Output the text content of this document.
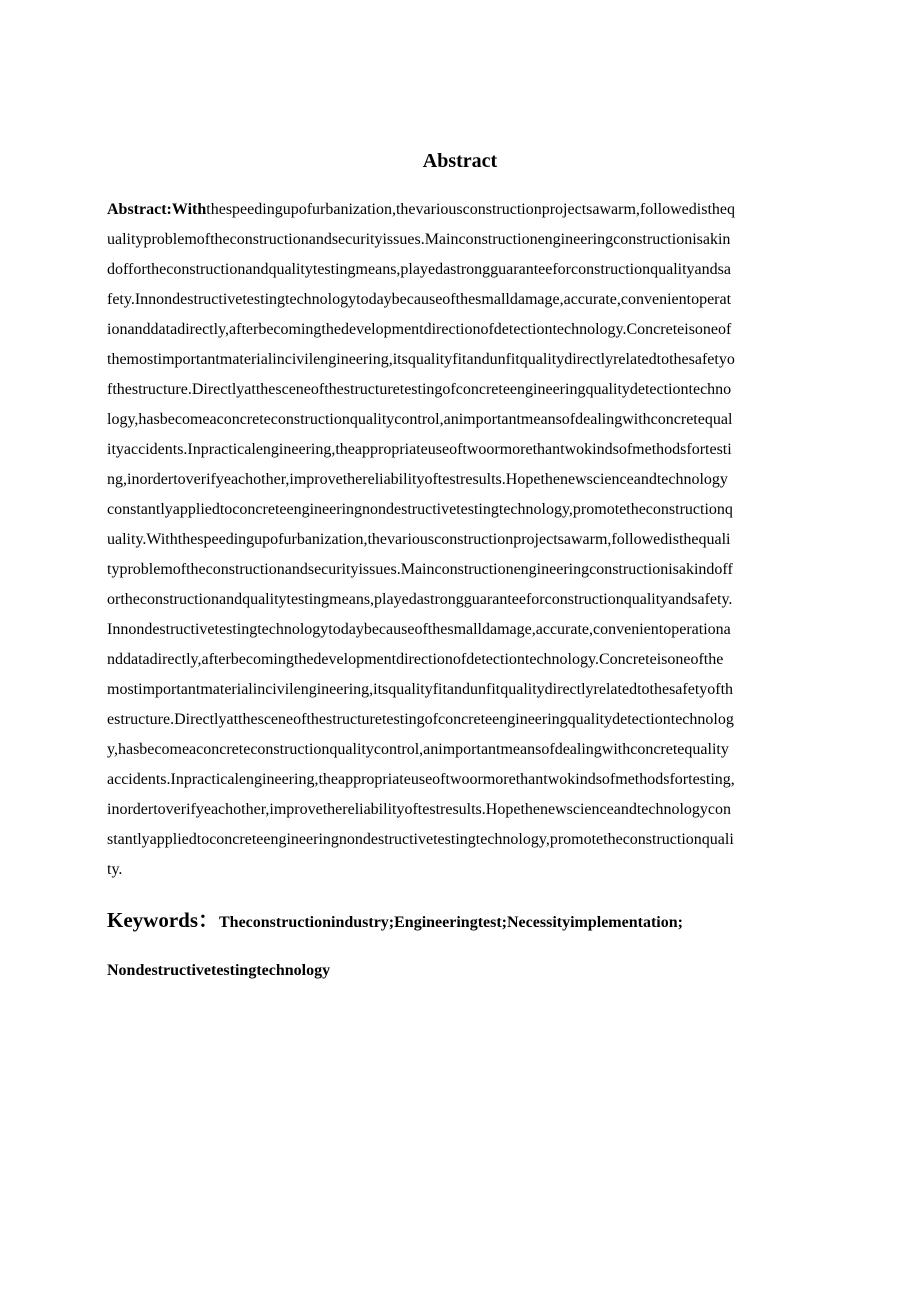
Abstract
Abstract:Withthespeedingupofurbanization,thevariousconstructionprojectsawarm,followedistheq
ualityproblemoftheconstructionandsecurityissues.Mainconstructionengineeringconstructionisakin
doffortheconstructionandqualitytestingmeans,playedastrongguaranteeforconstructionqualityandsa
fety.Innondestructivetestingtechnologytodaybecauseofthesmalldamage,accurate,convenientoperat
ionanddatadirectly,afterbecomingthedevelopmentdirectionofdetectiontechnology.Concreteisoneof
themostimportantmaterialincivilengineering,itsqualityfitandunfitqualitydirectlyrelatedtothesafetyo
fthestructure.Directlyatthesceneofthestructuretestingofconcreteengineeringqualitydetectiontechno
logy,hasbecomeaconcreteconstructionqualitycontrol,animportantmeansofdealingwithconcretequal
ityaccidents.Inpracticalengineering,theappropriateuseoftwoormorethantwokindsofmethodsfortesti
ng,inordertoverifyeachother,improvethereliabilityoftestresults.Hopethenewscienceandtechnology
constantlyappliedtoconcreteengineeringnondestructivetestingtechnology,promotetheconstructionq
uality.Withthespeedingupofurbanization,thevariousconstructionprojectsawarm,followedisthequali
typroblemoftheconstructionandsecurityissues.Mainconstructionengineeringconstructionisakindoff
ortheconstructionandqualitytestingmeans,playedastrongguaranteeforconstructionqualityandsafety.
Innondestructivetestingtechnologytodaybecauseofthesmalldamage,accurate,convenientoperationa
nddatadirectly,afterbecomingthedevelopmentdirectionofdetectiontechnology.Concreteisoneofthe
mostimportantmaterialincivilengineering,itsqualityfitandunfitqualitydirectlyrelatedtothesafetyofth
estructure.Directlyatthesceneofthestructuretestingofconcreteengineeringqualitydetectiontechnolog
y,hasbecomeaconcreteconstructionqualitycontrol,animportantmeansofdealingwithconcretequality
accidents.Inpracticalengineering,theappropriateuseoftwoormorethantwokindsofmethodsfortesting,
inordertoverifyeachother,improvethereliabilityoftestresults.Hopethenewscienceandtechnologycon
stantlyappliedtoconcreteengineeringnondestructivetestingtechnology,promotetheconstructionquali
ty.
Keywords：Theconstructionindustry;Engineeringtest;Necessityimplementation;
Nondestructivetestingtechnology
